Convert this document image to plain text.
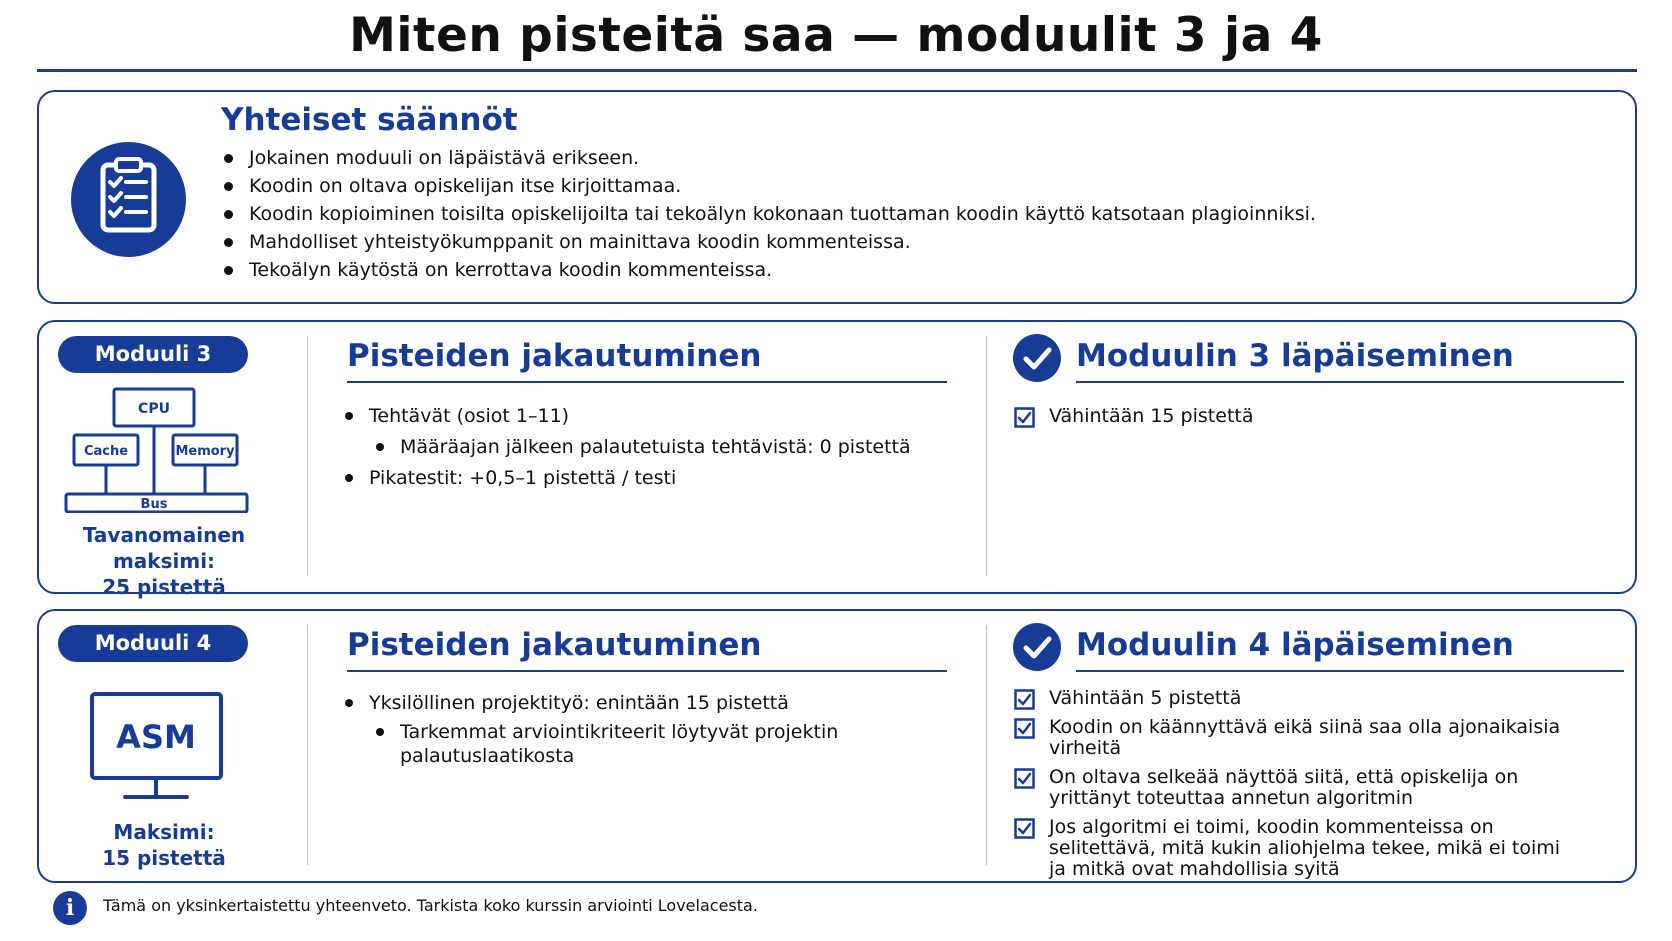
Miten pisteitä saa — moduulit 3 ja 4
Yhteiset säännöt
Jokainen moduuli on läpäistävä erikseen.
Koodin on oltava opiskelijan itse kirjoittamaa.
Koodin kopioiminen toisilta opiskelijoilta tai tekoälyn kokonaan tuottaman koodin käyttö katsotaan plagioinniksi.
Mahdolliset yhteistyökumppanit on mainittava koodin kommenteissa.
Tekoälyn käytöstä on kerrottava koodin kommenteissa.
Moduuli 3
CPU
Cache	Memory
Bus
Tavanomainen maksimi:
25 pistettä
Pisteiden jakautuminen
Tehtävät (osiot 1–11)
Määräajan jälkeen palautetuista tehtävistä: 0 pistettä
Pikatestit: +0,5–1 pistettä / testi
Moduulin 3 läpäiseminen
Vähintään 15 pistettä
Moduuli 4
ASM
Maksimi:
15 pistettä
Pisteiden jakautuminen
Yksilöllinen projektityö: enintään 15 pistettä
Tarkemmat arviointikriteerit löytyvät projektin palautuslaatikosta
Moduulin 4 läpäiseminen
Vähintään 5 pistettä
Koodin on käännyttävä eikä siinä saa olla ajonaikaisia virheitä
On oltava selkeää näyttöä siitä, että opiskelija on yrittänyt toteuttaa annetun algoritmin
Jos algoritmi ei toimi, koodin kommenteissa on selitettävä, mitä kukin aliohjelma tekee, mikä ei toimi ja mitkä ovat mahdollisia syitä
i	Tämä on yksinkertaistettu yhteenveto. Tarkista koko kurssin arviointi Lovelacesta.
